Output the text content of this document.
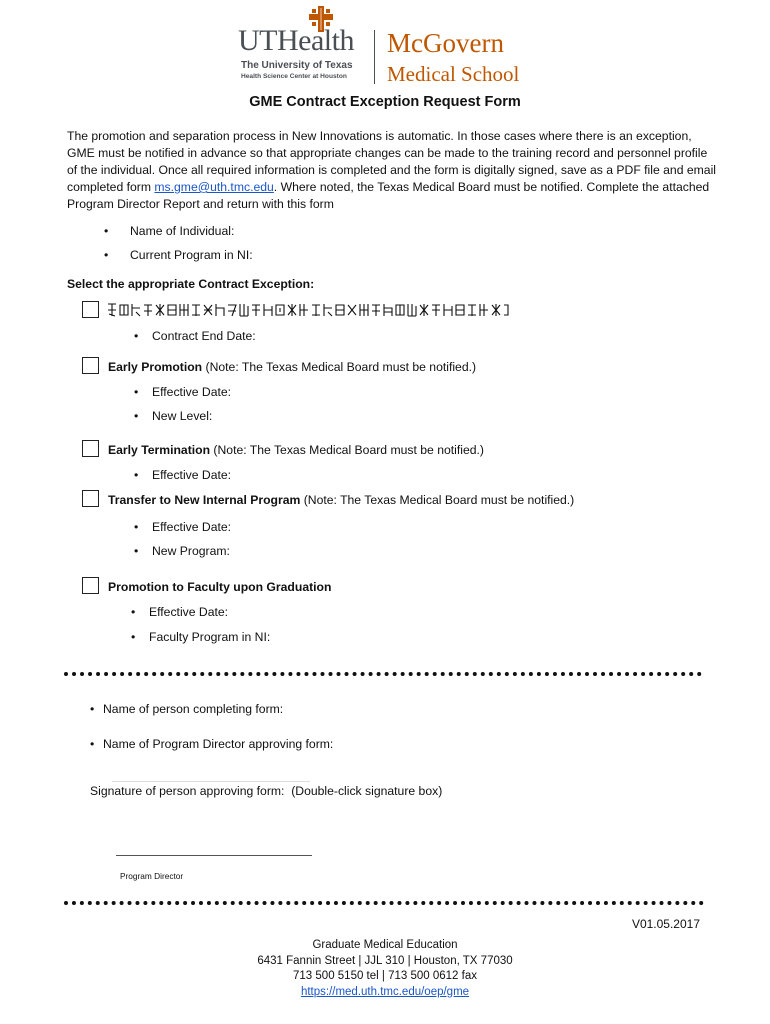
UTHealth
The University of Texas
Health Science Center at Houston
McGovern
Medical School
GME Contract Exception Request Form
The promotion and separation process in New Innovations is automatic. In those cases where there is an exception, GME must be notified in advance so that appropriate changes can be made to the training record and personnel profile of the individual. Once all required information is completed and the form is digitally signed, save as a PDF file and email completed form ms.gme@uth.tmc.edu. Where noted, the Texas Medical Board must be notified. Complete the attached Program Director Report and return with this form
• Name of Individual:
• Current Program in NI:
Select the appropriate Contract Exception:
• Contract End Date:
Early Promotion (Note: The Texas Medical Board must be notified.)
• Effective Date:
• New Level:
Early Termination (Note: The Texas Medical Board must be notified.)
• Effective Date:
Transfer to New Internal Program (Note: The Texas Medical Board must be notified.)
• Effective Date:
• New Program:
Promotion to Faculty upon Graduation
• Effective Date:
• Faculty Program in NI:
• Name of person completing form:
• Name of Program Director approving form:
Signature of person approving form:  (Double-click signature box)
Program Director
V01.05.2017
Graduate Medical Education
6431 Fannin Street | JJL 310 | Houston, TX 77030
713 500 5150 tel | 713 500 0612 fax
https://med.uth.tmc.edu/oep/gme
